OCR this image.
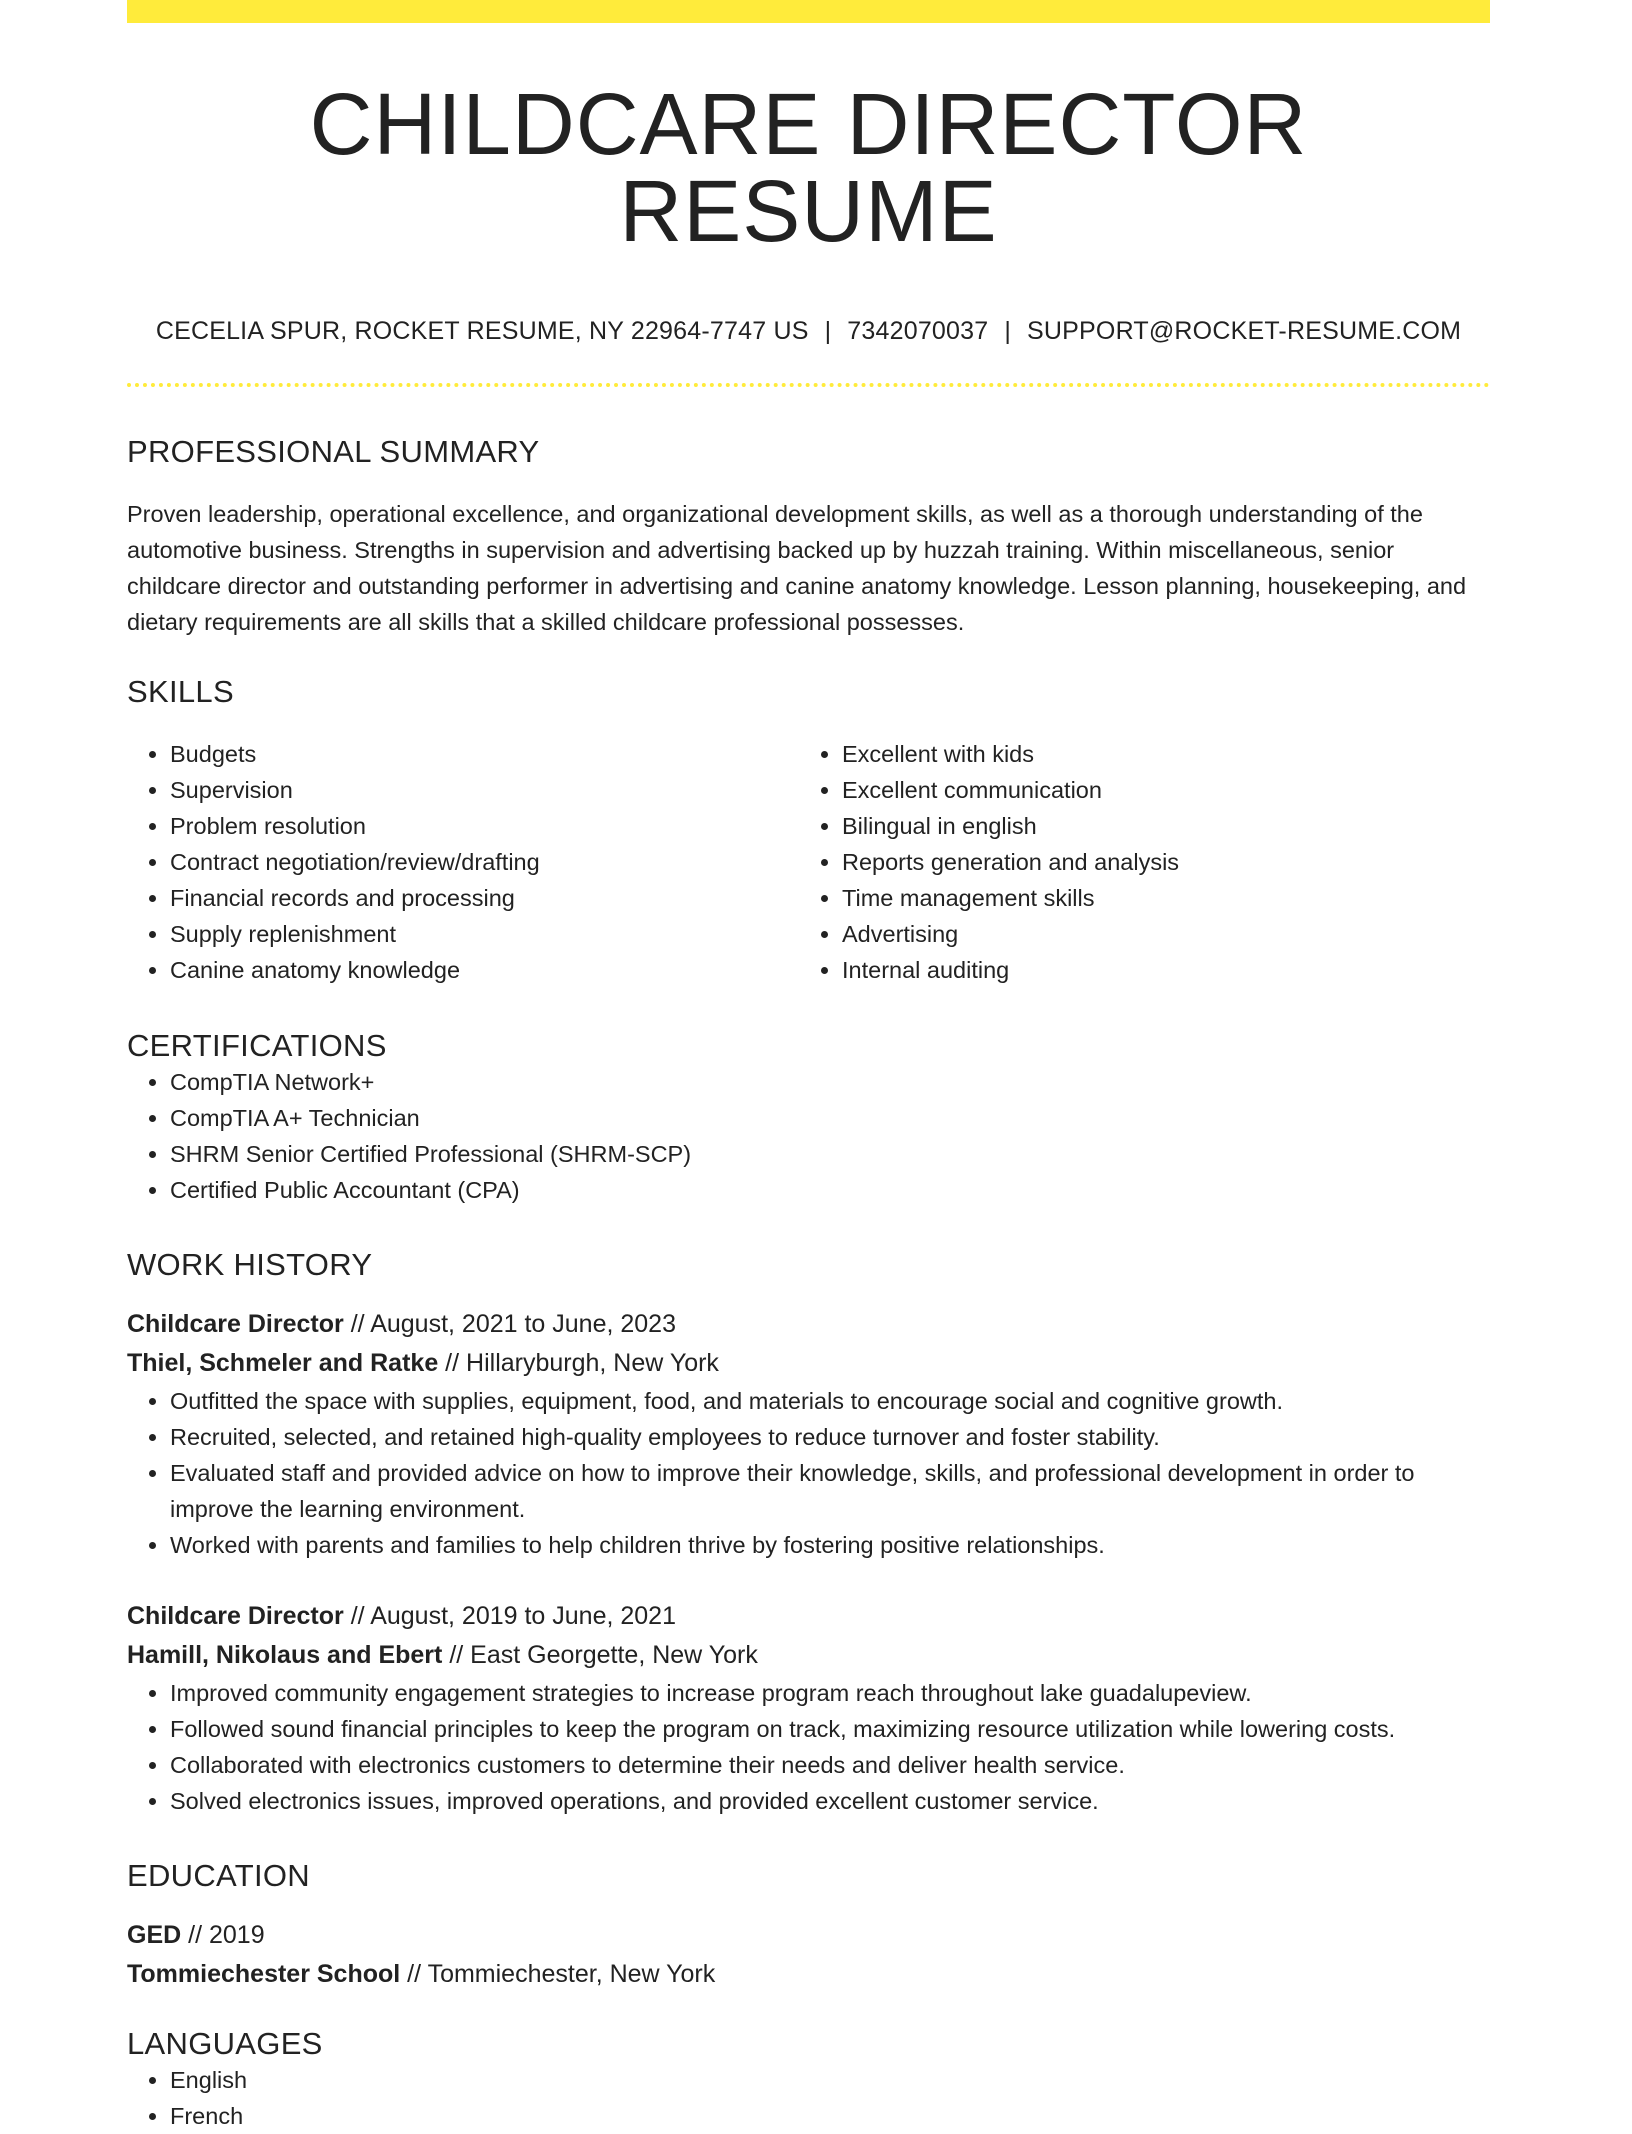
CHILDCARE DIRECTOR RESUME
CECELIA SPUR, ROCKET RESUME, NY 22964-7747 US | 7342070037 | SUPPORT@ROCKET-RESUME.COM
PROFESSIONAL SUMMARY

Proven leadership, operational excellence, and organizational development skills, as well as a thorough understanding of the automotive business. Strengths in supervision and advertising backed up by huzzah training. Within miscellaneous, senior childcare director and outstanding performer in advertising and canine anatomy knowledge. Lesson planning, housekeeping, and dietary requirements are all skills that a skilled childcare professional possesses.

SKILLS
• Budgets
• Supervision
• Problem resolution
• Contract negotiation/review/drafting
• Financial records and processing
• Supply replenishment
• Canine anatomy knowledge
• Excellent with kids
• Excellent communication
• Bilingual in english
• Reports generation and analysis
• Time management skills
• Advertising
• Internal auditing
CERTIFICATIONS
• CompTIA Network+
• CompTIA A+ Technician
• SHRM Senior Certified Professional (SHRM-SCP)
• Certified Public Accountant (CPA)
WORK HISTORY
Childcare Director // August, 2021 to June, 2023
Thiel, Schmeler and Ratke // Hillaryburgh, New York
• Outfitted the space with supplies, equipment, food, and materials to encourage social and cognitive growth.
• Recruited, selected, and retained high-quality employees to reduce turnover and foster stability.
• Evaluated staff and provided advice on how to improve their knowledge, skills, and professional development in order to improve the learning environment.
• Worked with parents and families to help children thrive by fostering positive relationships.
Childcare Director // August, 2019 to June, 2021
Hamill, Nikolaus and Ebert // East Georgette, New York
• Improved community engagement strategies to increase program reach throughout lake guadalupeview.
• Followed sound financial principles to keep the program on track, maximizing resource utilization while lowering costs.
• Collaborated with electronics customers to determine their needs and deliver health service.
• Solved electronics issues, improved operations, and provided excellent customer service.
EDUCATION
GED // 2019
Tommiechester School // Tommiechester, New York
LANGUAGES
• English
• French
